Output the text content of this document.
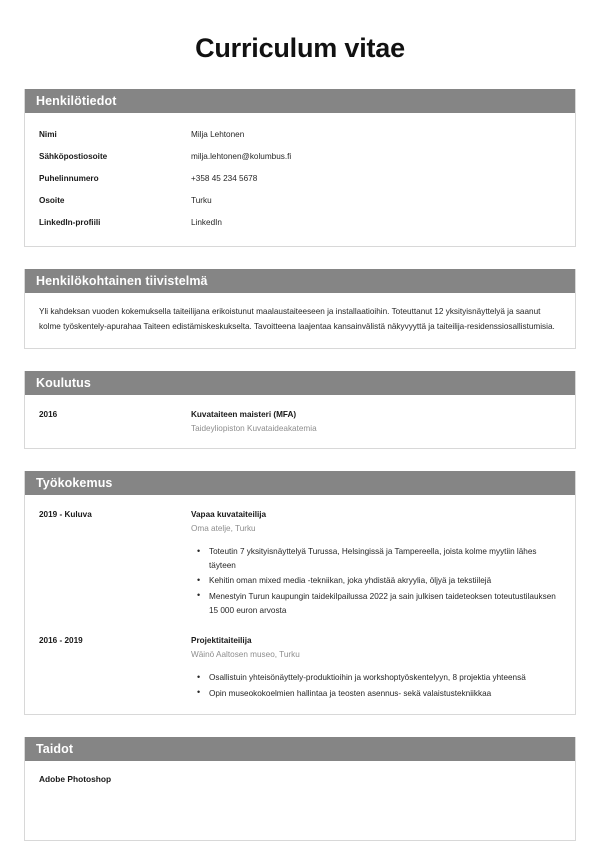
Curriculum vitae
Henkilötiedot
Nimi	Milja Lehtonen
Sähköpostiosoite	milja.lehtonen@kolumbus.fi
Puhelinnumero	+358 45 234 5678
Osoite	Turku
LinkedIn-profiili	LinkedIn
Henkilökohtainen tiivistelmä

Yli kahdeksan vuoden kokemuksella taiteilijana erikoistunut maalaustaiteeseen ja installaatioihin. Toteuttanut 12 yksityisnäyttelyä ja saanut kolme työskentely-apurahaa Taiteen edistämiskeskukselta. Tavoitteena laajentaa kansainvälistä näkyvyyttä ja taiteilija-residenssiosallistumisia.

Koulutus
2016	Kuvataiteen maisteri (MFA)
Taideyliopiston Kuvataideakatemia
Työkokemus
2019 - Kuluva	Vapaa kuvataiteilija
Oma atelje, Turku
• Toteutin 7 yksityisnäyttelyä Turussa, Helsingissä ja Tampereella, joista kolme myytiin lähes täyteen
• Kehitin oman mixed media -tekniikan, joka yhdistää akryylia, öljyä ja tekstiilejä
• Menestyin Turun kaupungin taidekilpailussa 2022 ja sain julkisen taideteoksen toteutustilauksen 15 000 euron arvosta
2016 - 2019	Projektitaiteilija
Wäinö Aaltosen museo, Turku
• Osallistuin yhteisönäyttely-produktioihin ja workshoptyöskentelyyn, 8 projektia yhteensä
• Opin museokokoelmien hallintaa ja teosten asennus- sekä valaistustekniikkaa
Taidot
Adobe Photoshop
